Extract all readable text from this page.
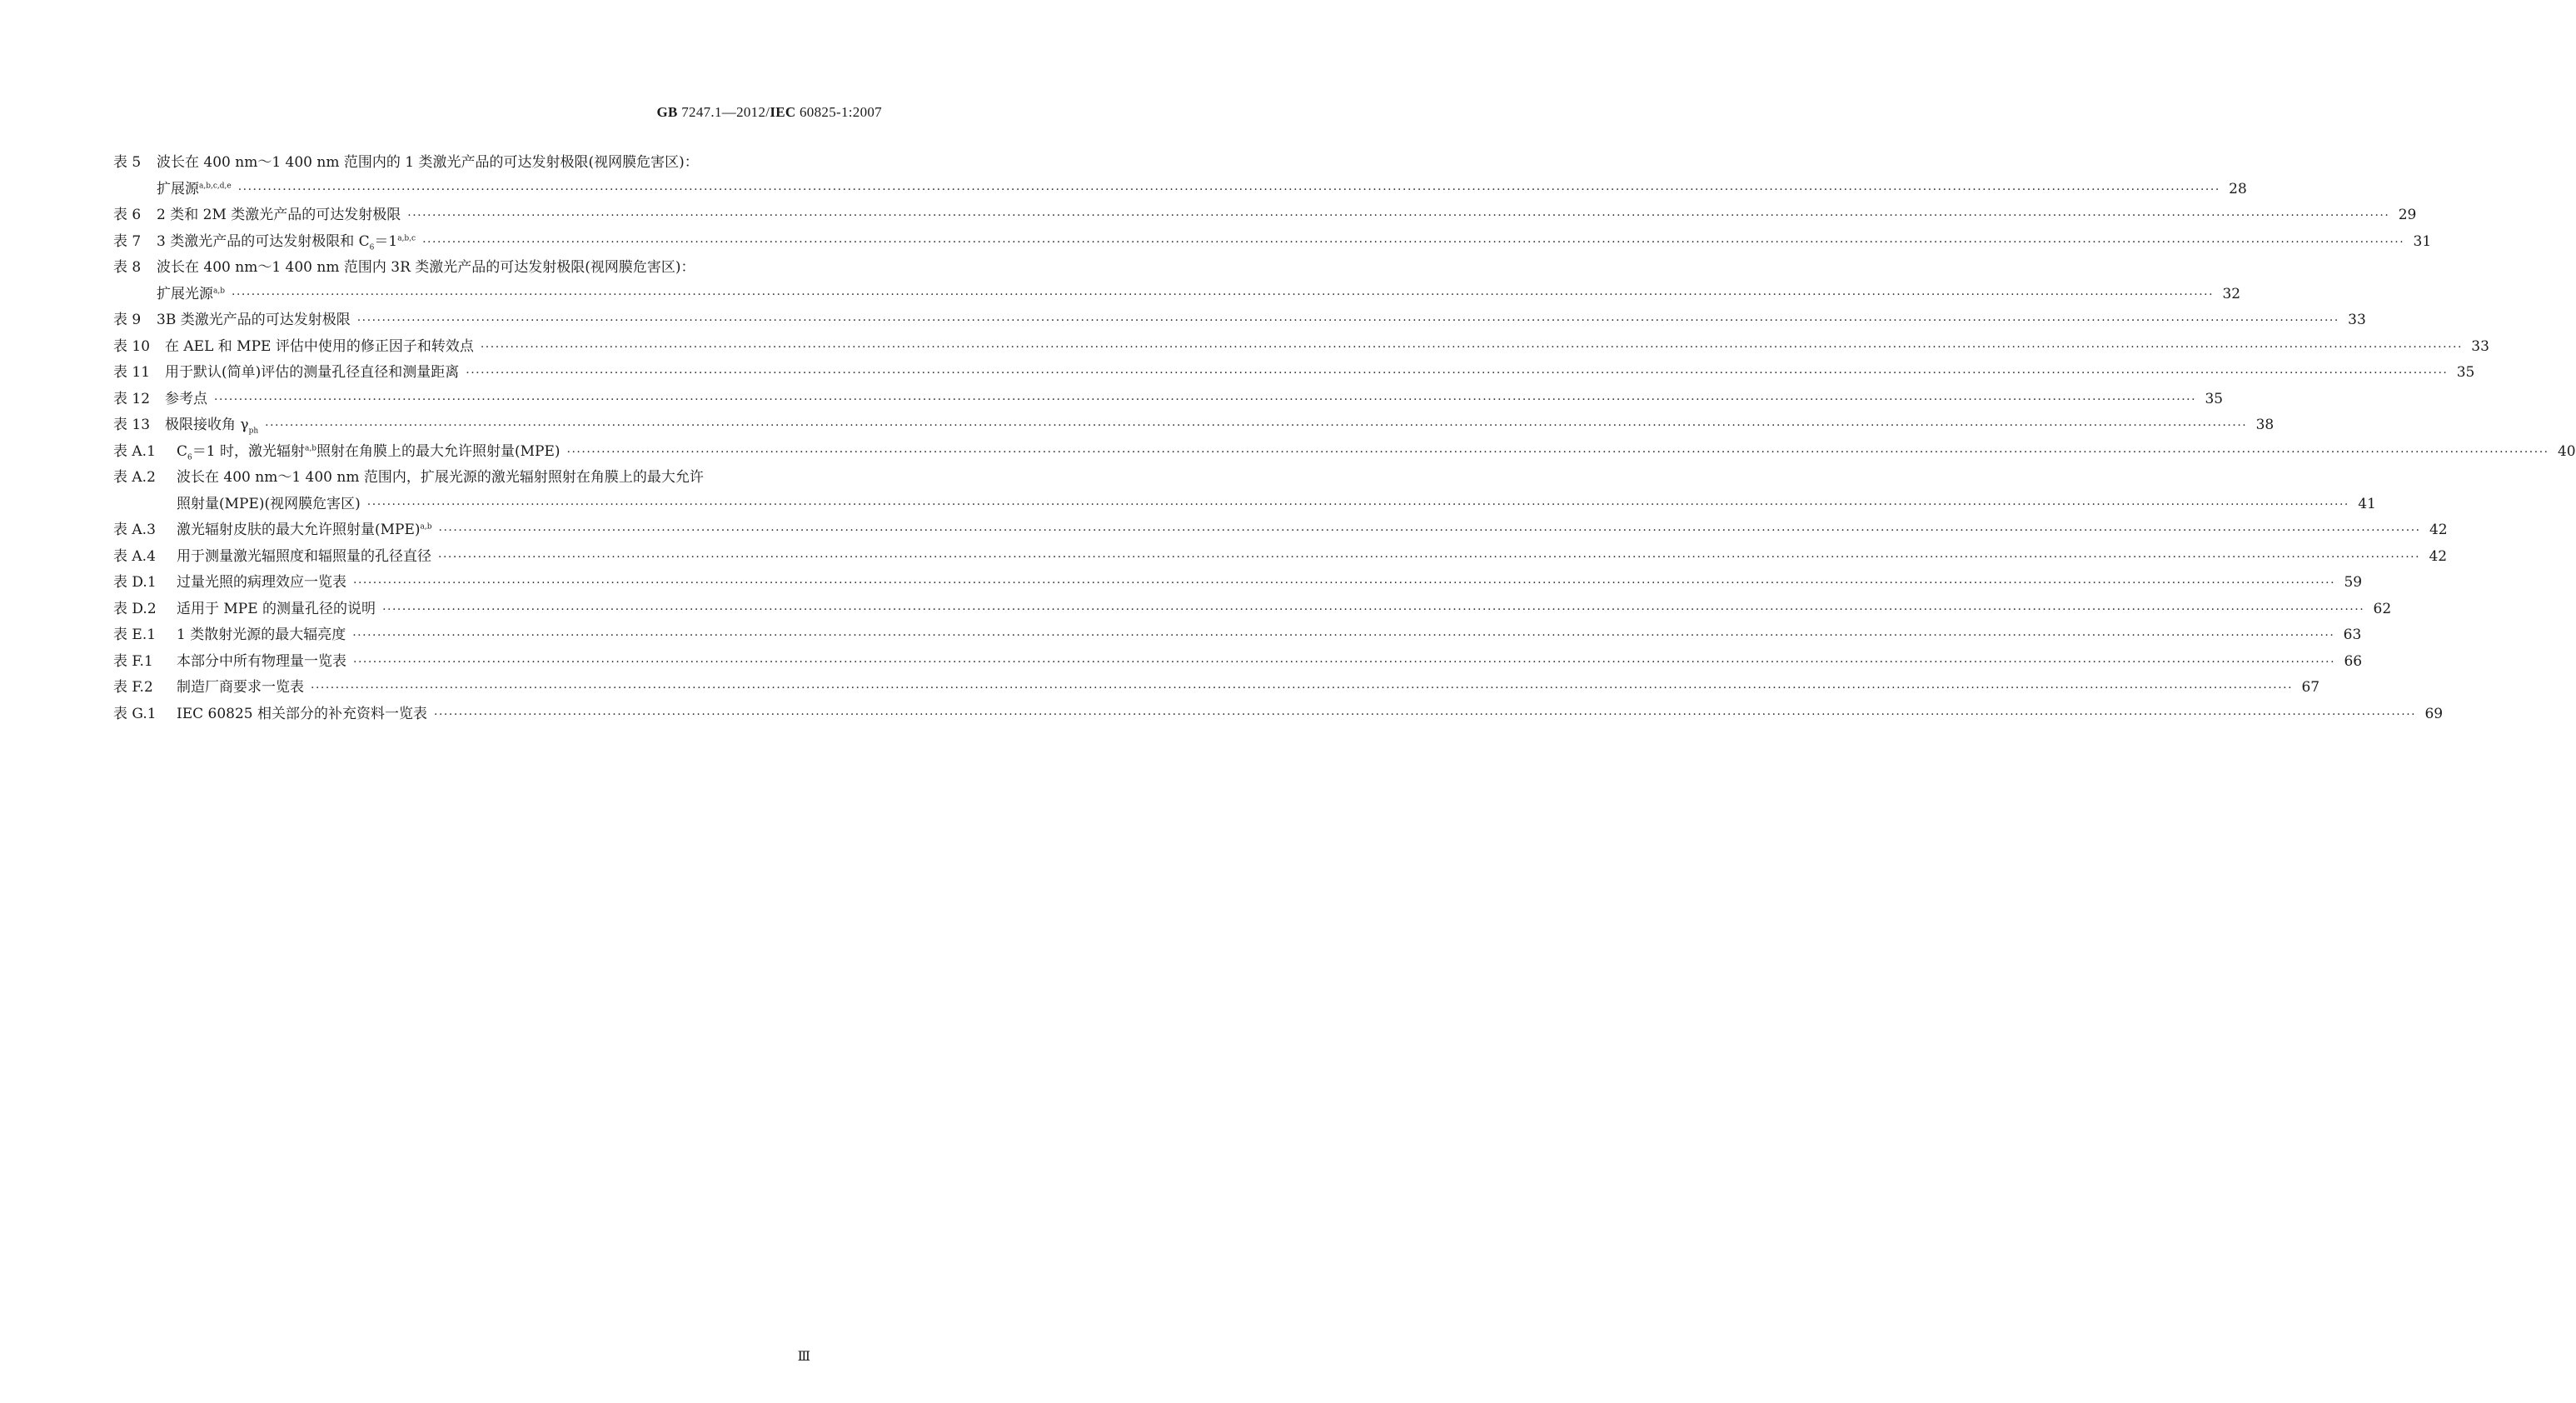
GB 7247.1—2012/IEC 60825-1:2007
表 5	波长在 400 nm～1 400 nm 范围内的 1 类激光产品的可达发射极限(视网膜危害区)：
扩展源$^{a,b,c,d,e}$ ················································································································································································································································································································································································································ 28
表 6	2 类和 2M 类激光产品的可达发射极限 ················································································································································································································································································································································································································ 29
表 7	3 类激光产品的可达发射极限和 $C_6=1^{a,b,c}$ ················································································································································································································································································································································································································ 31
表 8	波长在 400 nm～1 400 nm 范围内 3R 类激光产品的可达发射极限(视网膜危害区)：
扩展光源$^{a,b}$ ················································································································································································································································································································································································································ 32
表 9	3B 类激光产品的可达发射极限 ················································································································································································································································································································································································································ 33
表 10	在 AEL 和 MPE 评估中使用的修正因子和转效点 ················································································································································································································································································································································································································ 33
表 11	用于默认(简单)评估的测量孔径直径和测量距离 ················································································································································································································································································································································································································ 35
表 12	参考点 ················································································································································································································································································································································································································ 35
表 13	极限接收角 $\gamma_{ph}$ ················································································································································································································································································································································································································ 38
表 A.1	$C_6=1$ 时，激光辐射$^{a,b}$照射在角膜上的最大允许照射量(MPE) ················································································································································································································································································································································································································ 40
表 A.2	波长在 400 nm～1 400 nm 范围内，扩展光源的激光辐射照射在角膜上的最大允许
照射量(MPE)(视网膜危害区) ················································································································································································································································································································································································································ 41
表 A.3	激光辐射皮肤的最大允许照射量(MPE)$^{a,b}$ ················································································································································································································································································································································································································ 42
表 A.4	用于测量激光辐照度和辐照量的孔径直径 ················································································································································································································································································································································································································ 42
表 D.1	过量光照的病理效应一览表 ················································································································································································································································································································································································································ 59
表 D.2	适用于 MPE 的测量孔径的说明 ················································································································································································································································································································································································································ 62
表 E.1	1 类散射光源的最大辐亮度 ················································································································································································································································································································································································································ 63
表 F.1	本部分中所有物理量一览表 ················································································································································································································································································································································································································ 66
表 F.2	制造厂商要求一览表 ················································································································································································································································································································································································································ 67
表 G.1	IEC 60825 相关部分的补充资料一览表 ················································································································································································································································································································································································································ 69
Ⅲ
